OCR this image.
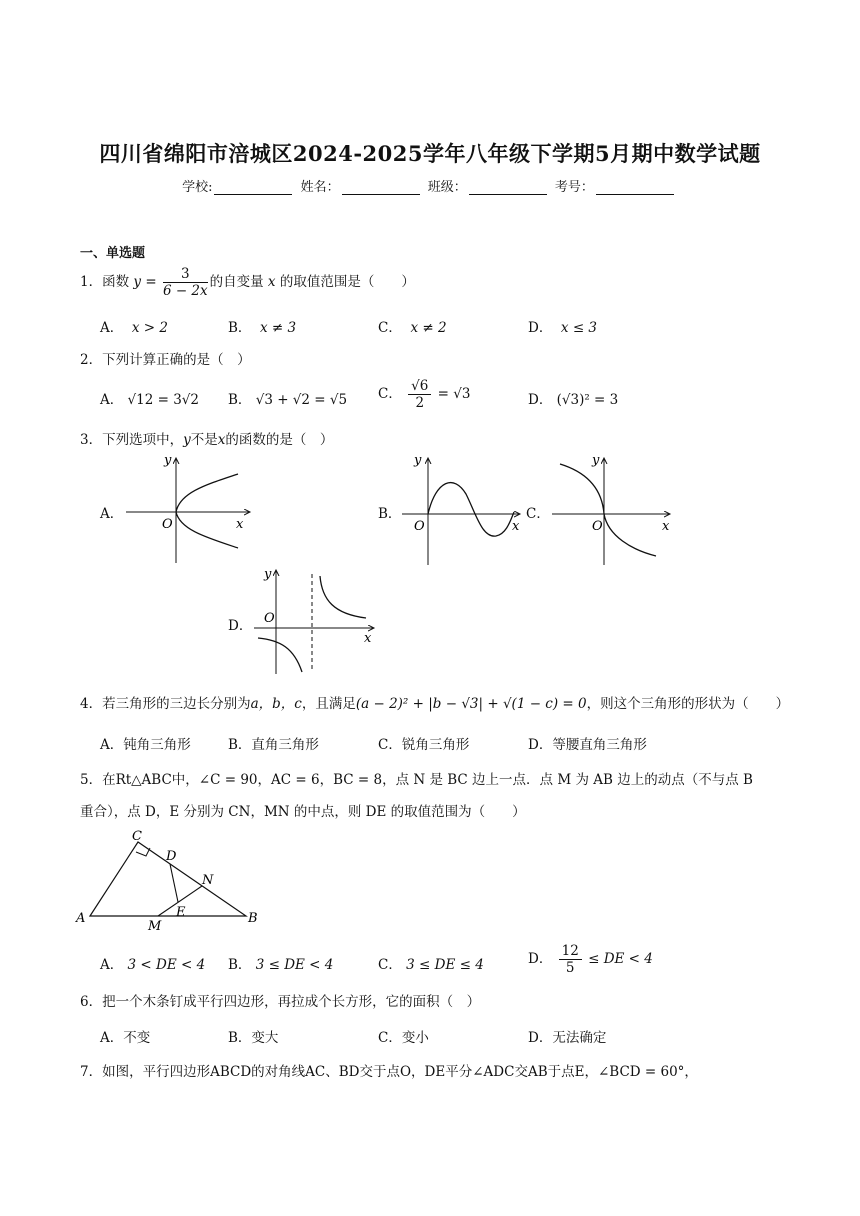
四川省绵阳市涪城区2024-2025学年八年级下学期5月期中数学试题
学校:	姓名：	班级：	考号：
一、单选题
1．函数 $y = \frac{3}{6 - 2x}$ 的自变量 x 的取值范围是（　　）
A． x > 2	B． x ≠ 3	C． x ≠ 2	D． x ≤ 3
2．下列计算正确的是（　）
A． √12 = 3√2 B． √3 + √2 = √5 C． $\frac{√6}{2} = √3$	D． (√3)² = 3
3．下列选项中，y不是x的函数的是（　）
A．
y
x
O
B．
y
x
O
C．
y
x
O
D．
y
x
O
4．若三角形的三边长分别为a，b，c，且满足(a − 2)² + |b − √3| + √(1 − c) = 0，则这个三角形的形状为（　　）
A．钝角三角形	B．直角三角形	C．锐角三角形	D．等腰直角三角形
5．在Rt△ABC中，∠C = 90，AC = 6，BC = 8，点 N 是 BC 边上一点．点 M 为 AB 边上的动点（不与点 B
重合），点 D，E 分别为 CN，MN 的中点，则 DE 的取值范围为（　　）
C
D
N
E
A
M
B
A． 3 < DE < 4 B． 3 ≤ DE < 4	C． 3 ≤ DE ≤ 4	D． $\frac{12}{5}$ ≤ DE < 4
6．把一个木条钉成平行四边形，再拉成个长方形，它的面积（　）
A．不变	B．变大	C．变小	D．无法确定
7．如图，平行四边形ABCD的对角线AC、BD交于点O，DE平分∠ADC交AB于点E，∠BCD = 60°，
